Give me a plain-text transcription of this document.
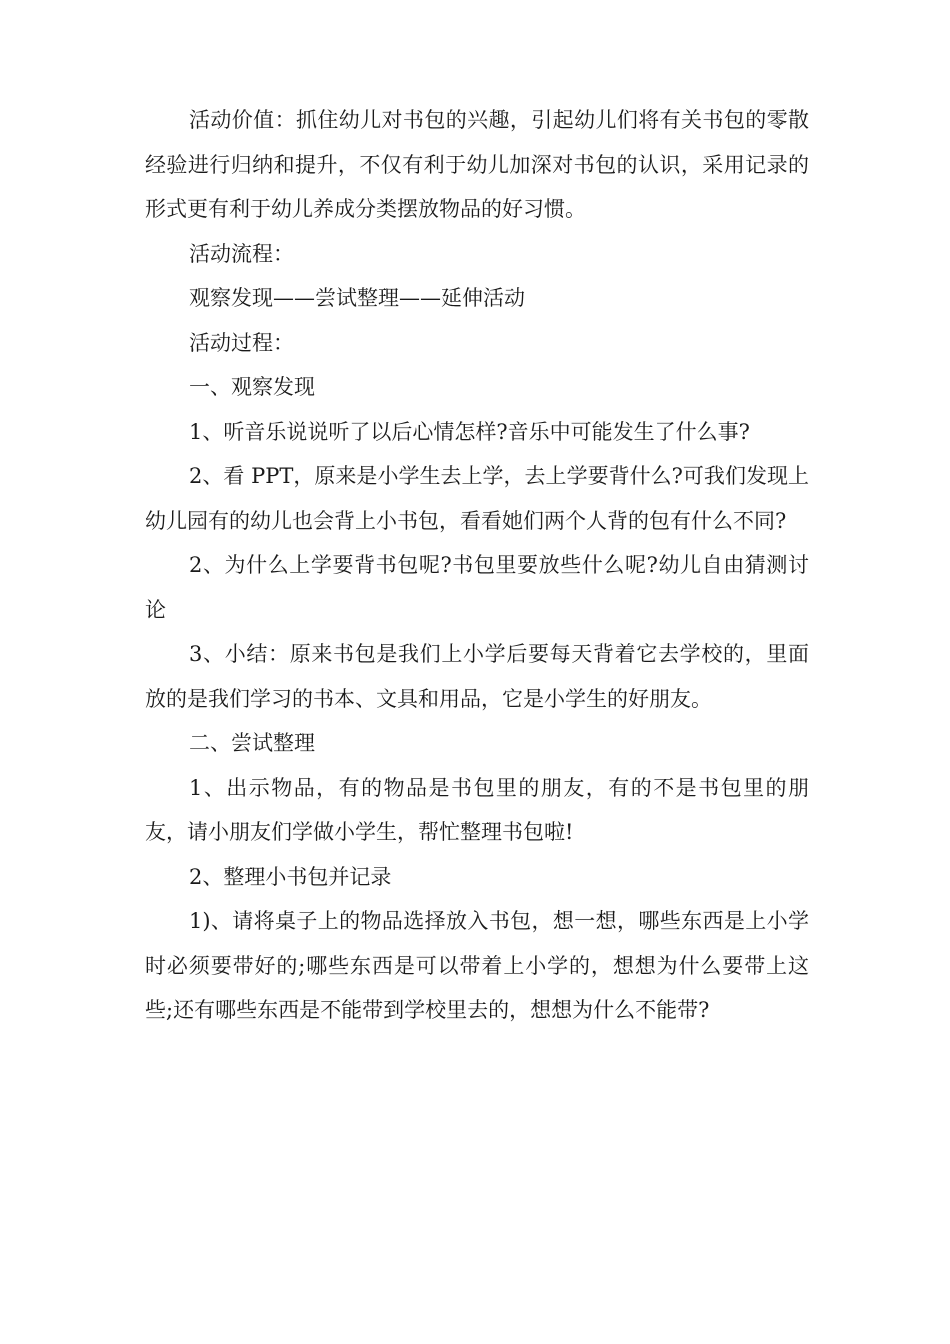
活动价值：抓住幼儿对书包的兴趣，引起幼儿们将有关书包的零散经验进行归纳和提升，不仅有利于幼儿加深对书包的认识，采用记录的形式更有利于幼儿养成分类摆放物品的好习惯。

活动流程：

观察发现——尝试整理——延伸活动

活动过程：

一、观察发现

1、听音乐说说听了以后心情怎样?音乐中可能发生了什么事?

2、看 PPT，原来是小学生去上学，去上学要背什么?可我们发现上幼儿园有的幼儿也会背上小书包，看看她们两个人背的包有什么不同?

2、为什么上学要背书包呢?书包里要放些什么呢?幼儿自由猜测讨论

3、小结：原来书包是我们上小学后要每天背着它去学校的，里面放的是我们学习的书本、文具和用品，它是小学生的好朋友。

二、尝试整理

1、出示物品，有的物品是书包里的朋友，有的不是书包里的朋友，请小朋友们学做小学生，帮忙整理书包啦!

2、整理小书包并记录

1)、请将桌子上的物品选择放入书包，想一想，哪些东西是上小学时必须要带好的;哪些东西是可以带着上小学的，想想为什么要带上这些;还有哪些东西是不能带到学校里去的，想想为什么不能带?
